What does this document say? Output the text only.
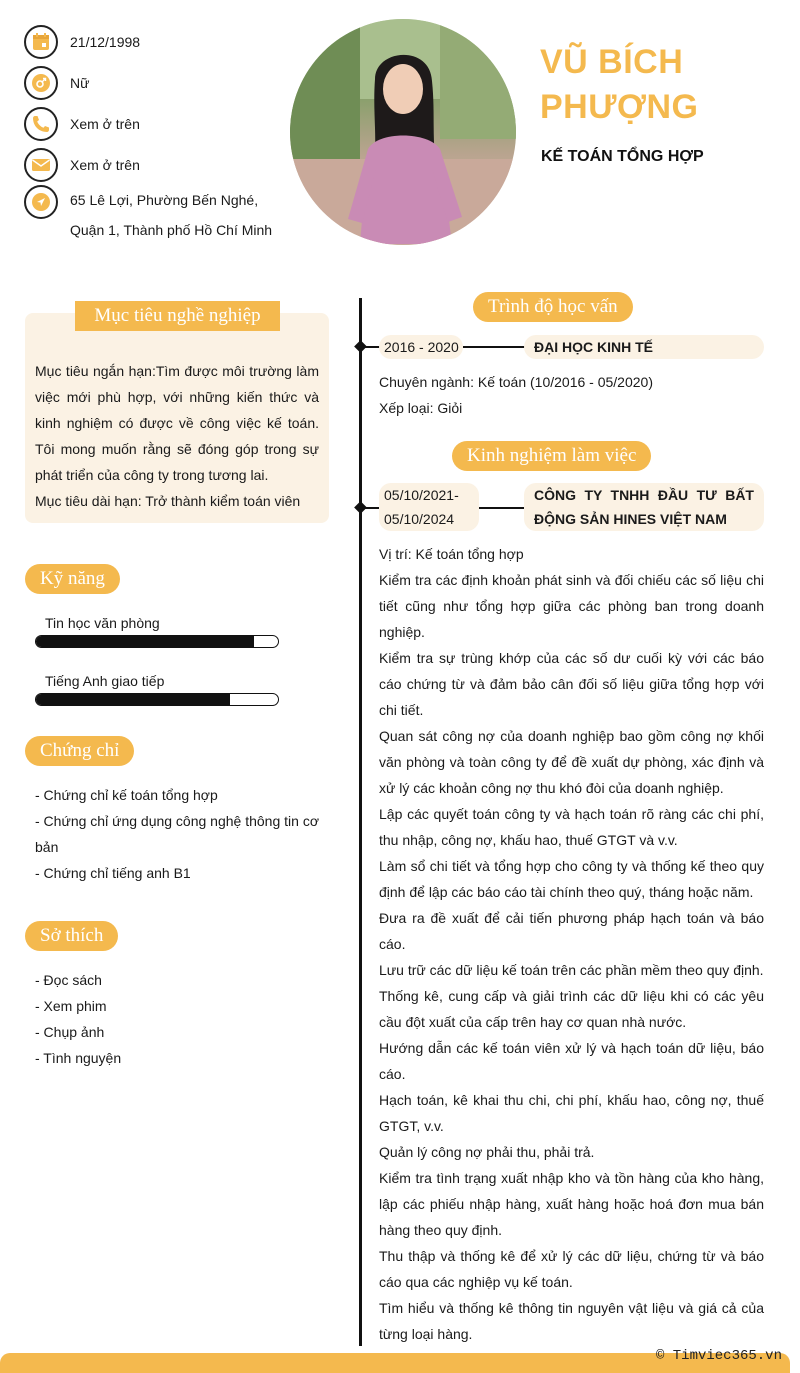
21/12/1998
Nữ
Xem ở trên
Xem ở trên
65 Lê Lợi, Phường Bến Nghé, Quận 1, Thành phố Hồ Chí Minh
VŨ BÍCH PHƯỢNG
KẾ TOÁN TỔNG HỢP
Mục tiêu nghề nghiệp
Mục tiêu ngắn hạn:Tìm được môi trường làm việc mới phù hợp, với những kiến thức và kinh nghiệm có được về công việc kế toán. Tôi mong muốn rằng sẽ đóng góp trong sự phát triển của công ty trong tương lai.
Mục tiêu dài hạn: Trở thành kiểm toán viên
Kỹ năng
Tin học văn phòng
Tiếng Anh giao tiếp
Chứng chỉ
- Chứng chỉ kế toán tổng hợp
- Chứng chỉ ứng dụng công nghệ thông tin cơ bản
- Chứng chỉ tiếng anh B1
Sở thích
- Đọc sách
- Xem phim
- Chụp ảnh
- Tình nguyện
Trình độ học vấn
2016 - 2020	ĐẠI HỌC KINH TẾ
Chuyên ngành: Kế toán (10/2016 - 05/2020)
Xếp loại: Giỏi
Kinh nghiệm làm việc
05/10/2021-
05/10/2024
CÔNG TY TNHH ĐẦU TƯ BẤT ĐỘNG SẢN HINES VIỆT NAM
Vị trí: Kế toán tổng hợp
Kiểm tra các định khoản phát sinh và đối chiếu các số liệu chi tiết cũng như tổng hợp giữa các phòng ban trong doanh nghiệp.
Kiểm tra sự trùng khớp của các số dư cuối kỳ với các báo cáo chứng từ và đảm bảo cân đối số liệu giữa tổng hợp với chi tiết.
Quan sát công nợ của doanh nghiệp bao gồm công nợ khối văn phòng và toàn công ty để đề xuất dự phòng, xác định và xử lý các khoản công nợ thu khó đòi của doanh nghiệp.
Lập các quyết toán công ty và hạch toán rõ ràng các chi phí, thu nhập, công nợ, khấu hao, thuế GTGT và v.v.
Làm sổ chi tiết và tổng hợp cho công ty và thống kế theo quy định để lập các báo cáo tài chính theo quý, tháng hoặc năm.
Đưa ra đề xuất để cải tiến phương pháp hạch toán và báo cáo.
Lưu trữ các dữ liệu kế toán trên các phần mềm theo quy định.
Thống kê, cung cấp và giải trình các dữ liệu khi có các yêu cầu đột xuất của cấp trên hay cơ quan nhà nước.
Hướng dẫn các kế toán viên xử lý và hạch toán dữ liệu, báo cáo.
Hạch toán, kê khai thu chi, chi phí, khấu hao, công nợ, thuế GTGT, v.v.
Quản lý công nợ phải thu, phải trả.
Kiểm tra tình trạng xuất nhập kho và tồn hàng của kho hàng, lập các phiếu nhập hàng, xuất hàng hoặc hoá đơn mua bán hàng theo quy định.
Thu thập và thống kê để xử lý các dữ liệu, chứng từ và báo cáo qua các nghiệp vụ kế toán.
Tìm hiểu và thống kê thông tin nguyên vật liệu và giá cả của từng loại hàng.
© Timviec365.vn
